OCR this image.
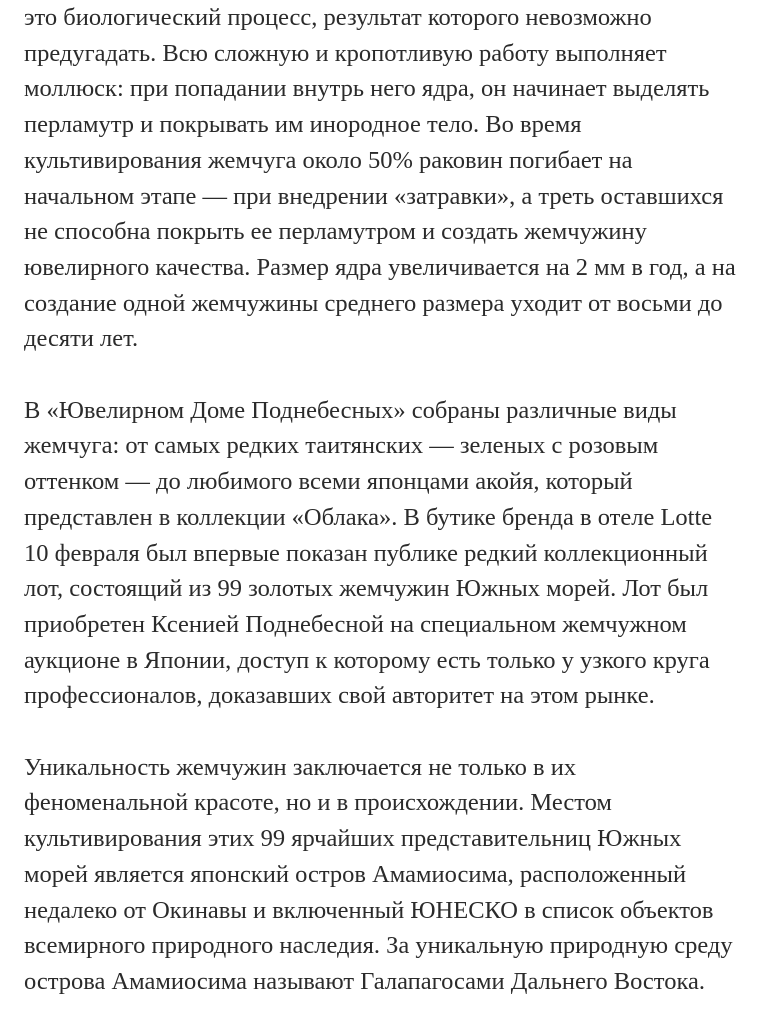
это биологический процесс, результат которого невозможно
предугадать. Всю сложную и кропотливую работу выполняет
моллюск: при попадании внутрь него ядра, он начинает выделять
перламутр и покрывать им инородное тело. Во время
культивирования жемчуга около 50% раковин погибает на
начальном этапе — при внедрении «затравки», а треть оставшихся
не способна покрыть ее перламутром и создать жемчужину
ювелирного качества. Размер ядра увеличивается на 2 мм в год, а на
создание одной жемчужины среднего размера уходит от восьми до
десяти лет.

В «Ювелирном Доме Поднебесных» собраны различные виды
жемчуга: от самых редких таитянских — зеленых с розовым
оттенком — до любимого всеми японцами акойя, который
представлен в коллекции «Облака». В бутике бренда в отеле Lotte
10 февраля был впервые показан публике редкий коллекционный
лот, состоящий из 99 золотых жемчужин Южных морей. Лот был
приобретен Ксенией Поднебесной на специальном жемчужном
аукционе в Японии, доступ к которому есть только у узкого круга
профессионалов, доказавших свой авторитет на этом рынке.

Уникальность жемчужин заключается не только в их
феноменальной красоте, но и в происхождении. Местом
культивирования этих 99 ярчайших представительниц Южных
морей является японский остров Амамиосима, расположенный
недалеко от Окинавы и включенный ЮНЕСКО в список объектов
всемирного природного наследия. За уникальную природную среду
острова Амамиосима называют Галапагосами Дальнего Востока.
